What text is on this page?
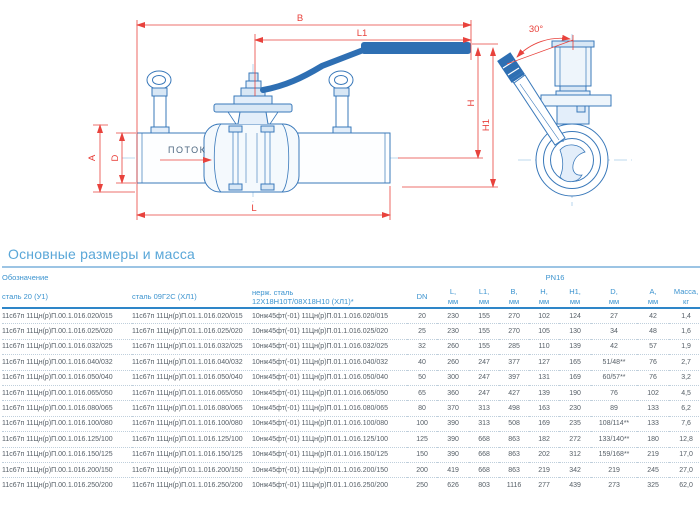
B
L1
L
A D
H
H1
30°
ПОТОК
Основные размеры и масса
Обозначение			PN16								

сталь 20 (У1)	сталь 09Г2С (ХЛ1)	нерж. сталь
12Х18Н10Т/08Х18Н10 (ХЛ1)*	DN

L,
мм

L1,
мм

B,
мм

H,
мм

H1,
мм

D,
мм

A,
мм

Масса,
кг

11с67п 11Цн(р)П.00.1.016.020/015	11с67п 11Цн(р)П.01.1.016.020/015	10нж45фт(-01) 11Цн(р)П.01.1.016.020/015	20	230	155	270	102	124	27	42	1,4
11с67п 11Цн(р)П.00.1.016.025/020	11с67п 11Цн(р)П.01.1.016.025/020	10нж45фт(-01) 11Цн(р)П.01.1.016.025/020	25	230	155	270	105	130	34	48	1,6
11с67п 11Цн(р)П.00.1.016.032/025	11с67п 11Цн(р)П.01.1.016.032/025	10нж45фт(-01) 11Цн(р)П.01.1.016.032/025	32	260	155	285	110	139	42	57	1,9
11с67п 11Цн(р)П.00.1.016.040/032	11с67п 11Цн(р)П.01.1.016.040/032	10нж45фт(-01) 11Цн(р)П.01.1.016.040/032	40	260	247	377	127	165	51/48**	76	2,7
11с67п 11Цн(р)П.00.1.016.050/040	11с67п 11Цн(р)П.01.1.016.050/040	10нж45фт(-01) 11Цн(р)П.01.1.016.050/040	50	300	247	397	131	169	60/57**	76	3,2
11с67п 11Цн(р)П.00.1.016.065/050	11с67п 11Цн(р)П.01.1.016.065/050	10нж45фт(-01) 11Цн(р)П.01.1.016.065/050	65	360	247	427	139	190	76	102	4,5
11с67п 11Цн(р)П.00.1.016.080/065	11с67п 11Цн(р)П.01.1.016.080/065	10нж45фт(-01) 11Цн(р)П.01.1.016.080/065	80	370	313	498	163	230	89	133	6,2
11с67п 11Цн(р)П.00.1.016.100/080	11с67п 11Цн(р)П.01.1.016.100/080	10нж45фт(-01) 11Цн(р)П.01.1.016.100/080	100	390	313	508	169	235	108/114**	133	7,6
11с67п 11Цн(р)П.00.1.016.125/100	11с67п 11Цн(р)П.01.1.016.125/100	10нж45фт(-01) 11Цн(р)П.01.1.016.125/100	125	390	668	863	182	272	133/140**	180	12,8
11с67п 11Цн(р)П.00.1.016.150/125	11с67п 11Цн(р)П.01.1.016.150/125	10нж45фт(-01) 11Цн(р)П.01.1.016.150/125	150	390	668	863	202	312	159/168**	219	17,0
11с67п 11Цн(р)П.00.1.016.200/150	11с67п 11Цн(р)П.01.1.016.200/150	10нж45фт(-01) 11Цн(р)П.01.1.016.200/150	200	419	668	863	219	342	219	245	27,0
11с67п 11Цн(р)П.00.1.016.250/200	11с67п 11Цн(р)П.01.1.016.250/200	10нж45фт(-01) 11Цн(р)П.01.1.016.250/200	250	626	803	1116	277	439	273	325	62,0
